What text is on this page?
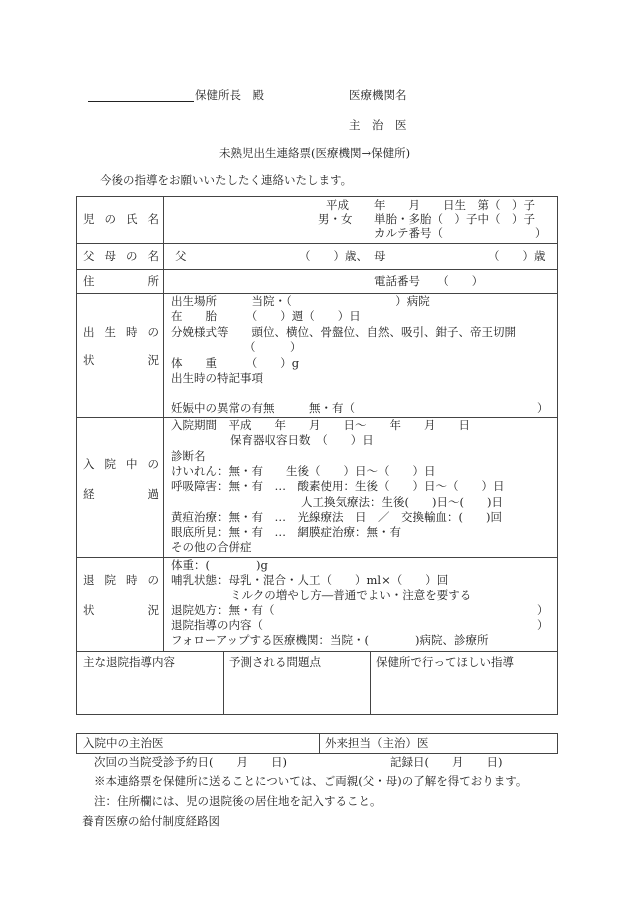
保健所長　殿	医療機関名
主　治　医
未熟児出生連絡票(医療機関→保健所)
今後の指導をお願いいたしたく連絡いたします。
児 の 氏 名
平成 年　　月　　日生　第（　）子
男・女 単胎・多胎（　）子中（　）子
カルテ番号（　　　　　　　　）
父 母 の 名 父	（　　）歳、 母	（　　）歳
住	所	電話番号　　（　　）
出 生 時 の
状	況
出生場所　　　当院・（　　　　　　　　　）病院
在　　胎　　　（　　）週（　　）日
分娩様式等　　頭位、横位、骨盤位、自然、吸引、鉗子、帝王切開
（　　　）
体　　重　　　（　　）g
出生時の特記事項
妊娠中の異常の有無　　　無・有（	）
入 院 中 の
経	過
入院期間　平成　　年　　月　　日～　　年　　月　　日
保育器収容日数　（　　）日
診断名
けいれん：無・有　　生後（　　）日～（　　）日
呼吸障害：無・有　…　酸素使用：生後（　　）日～（　　）日
人工換気療法：生後(　　)日～(　　)日
黄疸治療：無・有　…　光線療法　日　／　交換輸血：(　　)回
眼底所見：無・有　…　網膜症治療：無・有
その他の合併症
退 院 時 の
状	況
体重：(　　　　)g
哺乳状態：母乳・混合・人工（　　）ml×（　　）回
ミルクの増やし方―普通でよい・注意を要する
退院処方：無・有（	）
退院指導の内容（	）
フォローアップする医療機関：当院・(　　　　)病院、診療所
主な退院指導内容	予測される問題点	保健所で行ってほしい指導
入院中の主治医	外来担当（主治）医
次回の当院受診予約日(　　月　　日)	記録日(　　月　　日)
※本連絡票を保健所に送ることについては、ご両親(父・母)の了解を得ております。
注：住所欄には、児の退院後の居住地を記入すること。
養育医療の給付制度経路図
